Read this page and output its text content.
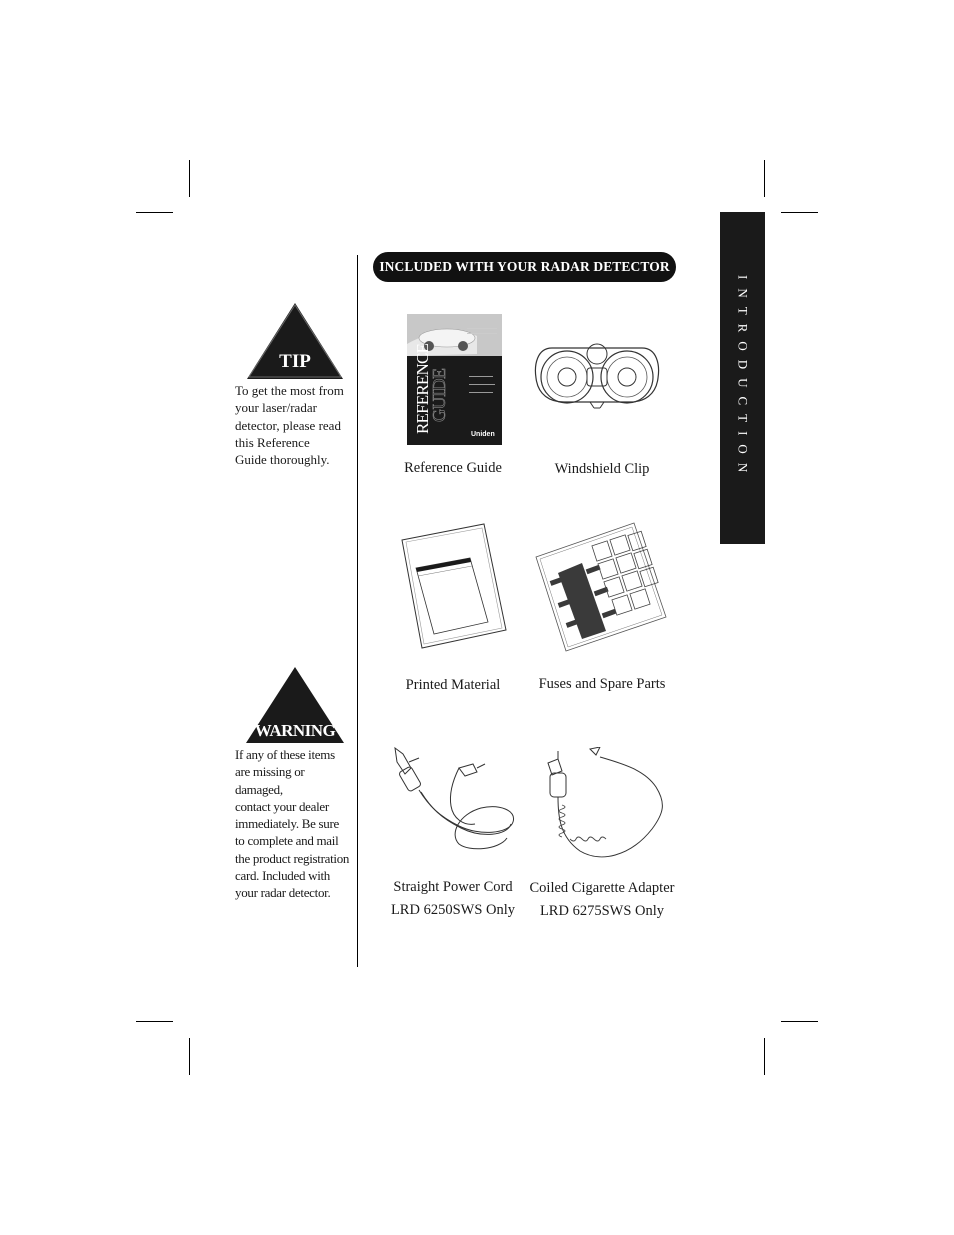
INTRODUCTION
INCLUDED WITH YOUR RADAR DETECTOR
TIP
To get the most from
your laser/radar
detector, please read
this Reference
Guide thoroughly.
WARNING
If any of these items
are missing or damaged,
contact your dealer
immediately. Be sure
to complete and mail
the product registration
card. Included with
your radar detector.
REFERENCE
GUIDE
Uniden
Reference Guide	Windshield Clip
Printed Material	Fuses and Spare Parts
Straight Power Cord
LRD 6250SWS Only
Coiled Cigarette Adapter
LRD 6275SWS Only
